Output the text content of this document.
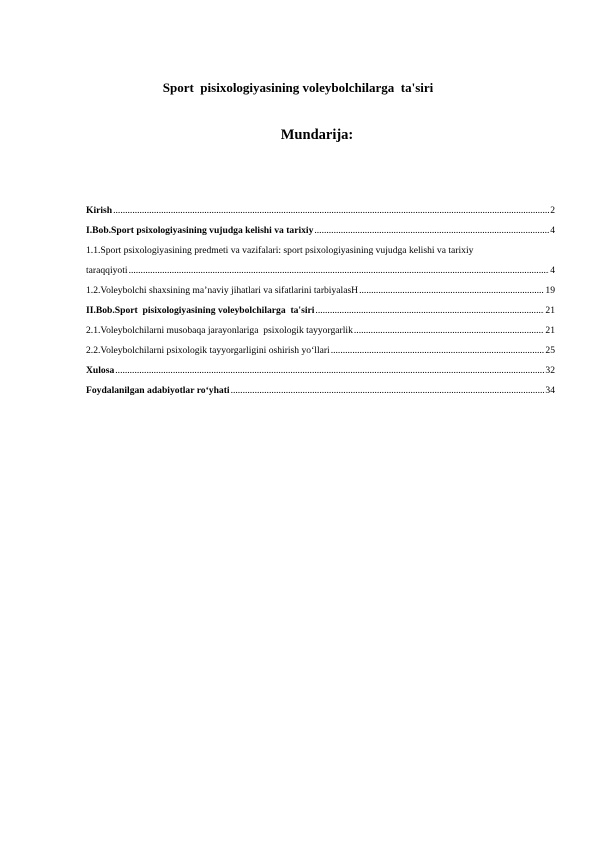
Sport  pisixologiyasining voleybolchilarga  ta'siri
Mundarija:
Kirish .....	2
I.Bob.Sport psixologiyasining vujudga kelishi va tarixiy .....	4
1.1.Sport psixologiyasining predmeti va vazifalari: sport psixologiyasining vujudga kelishi va tarixiy
taraqqiyoti .....	4
1.2.Voleybolchi shaxsining ma’naviy jihatlari va sifatlarini tarbiyalasH .....	19
II.Bob.Sport  pisixologiyasining voleybolchilarga  ta'siri .....	21
2.1.Voleybolchilarni musobaqa jarayonlariga  psixologik tayyorgarlik .....	21
2.2.Voleybolchilarni psixologik tayyorgarligini oshirish yo‘llari .....	25
Xulosa .....	32
Foydalanilgan adabiyotlar ro‘yhati .....	34
